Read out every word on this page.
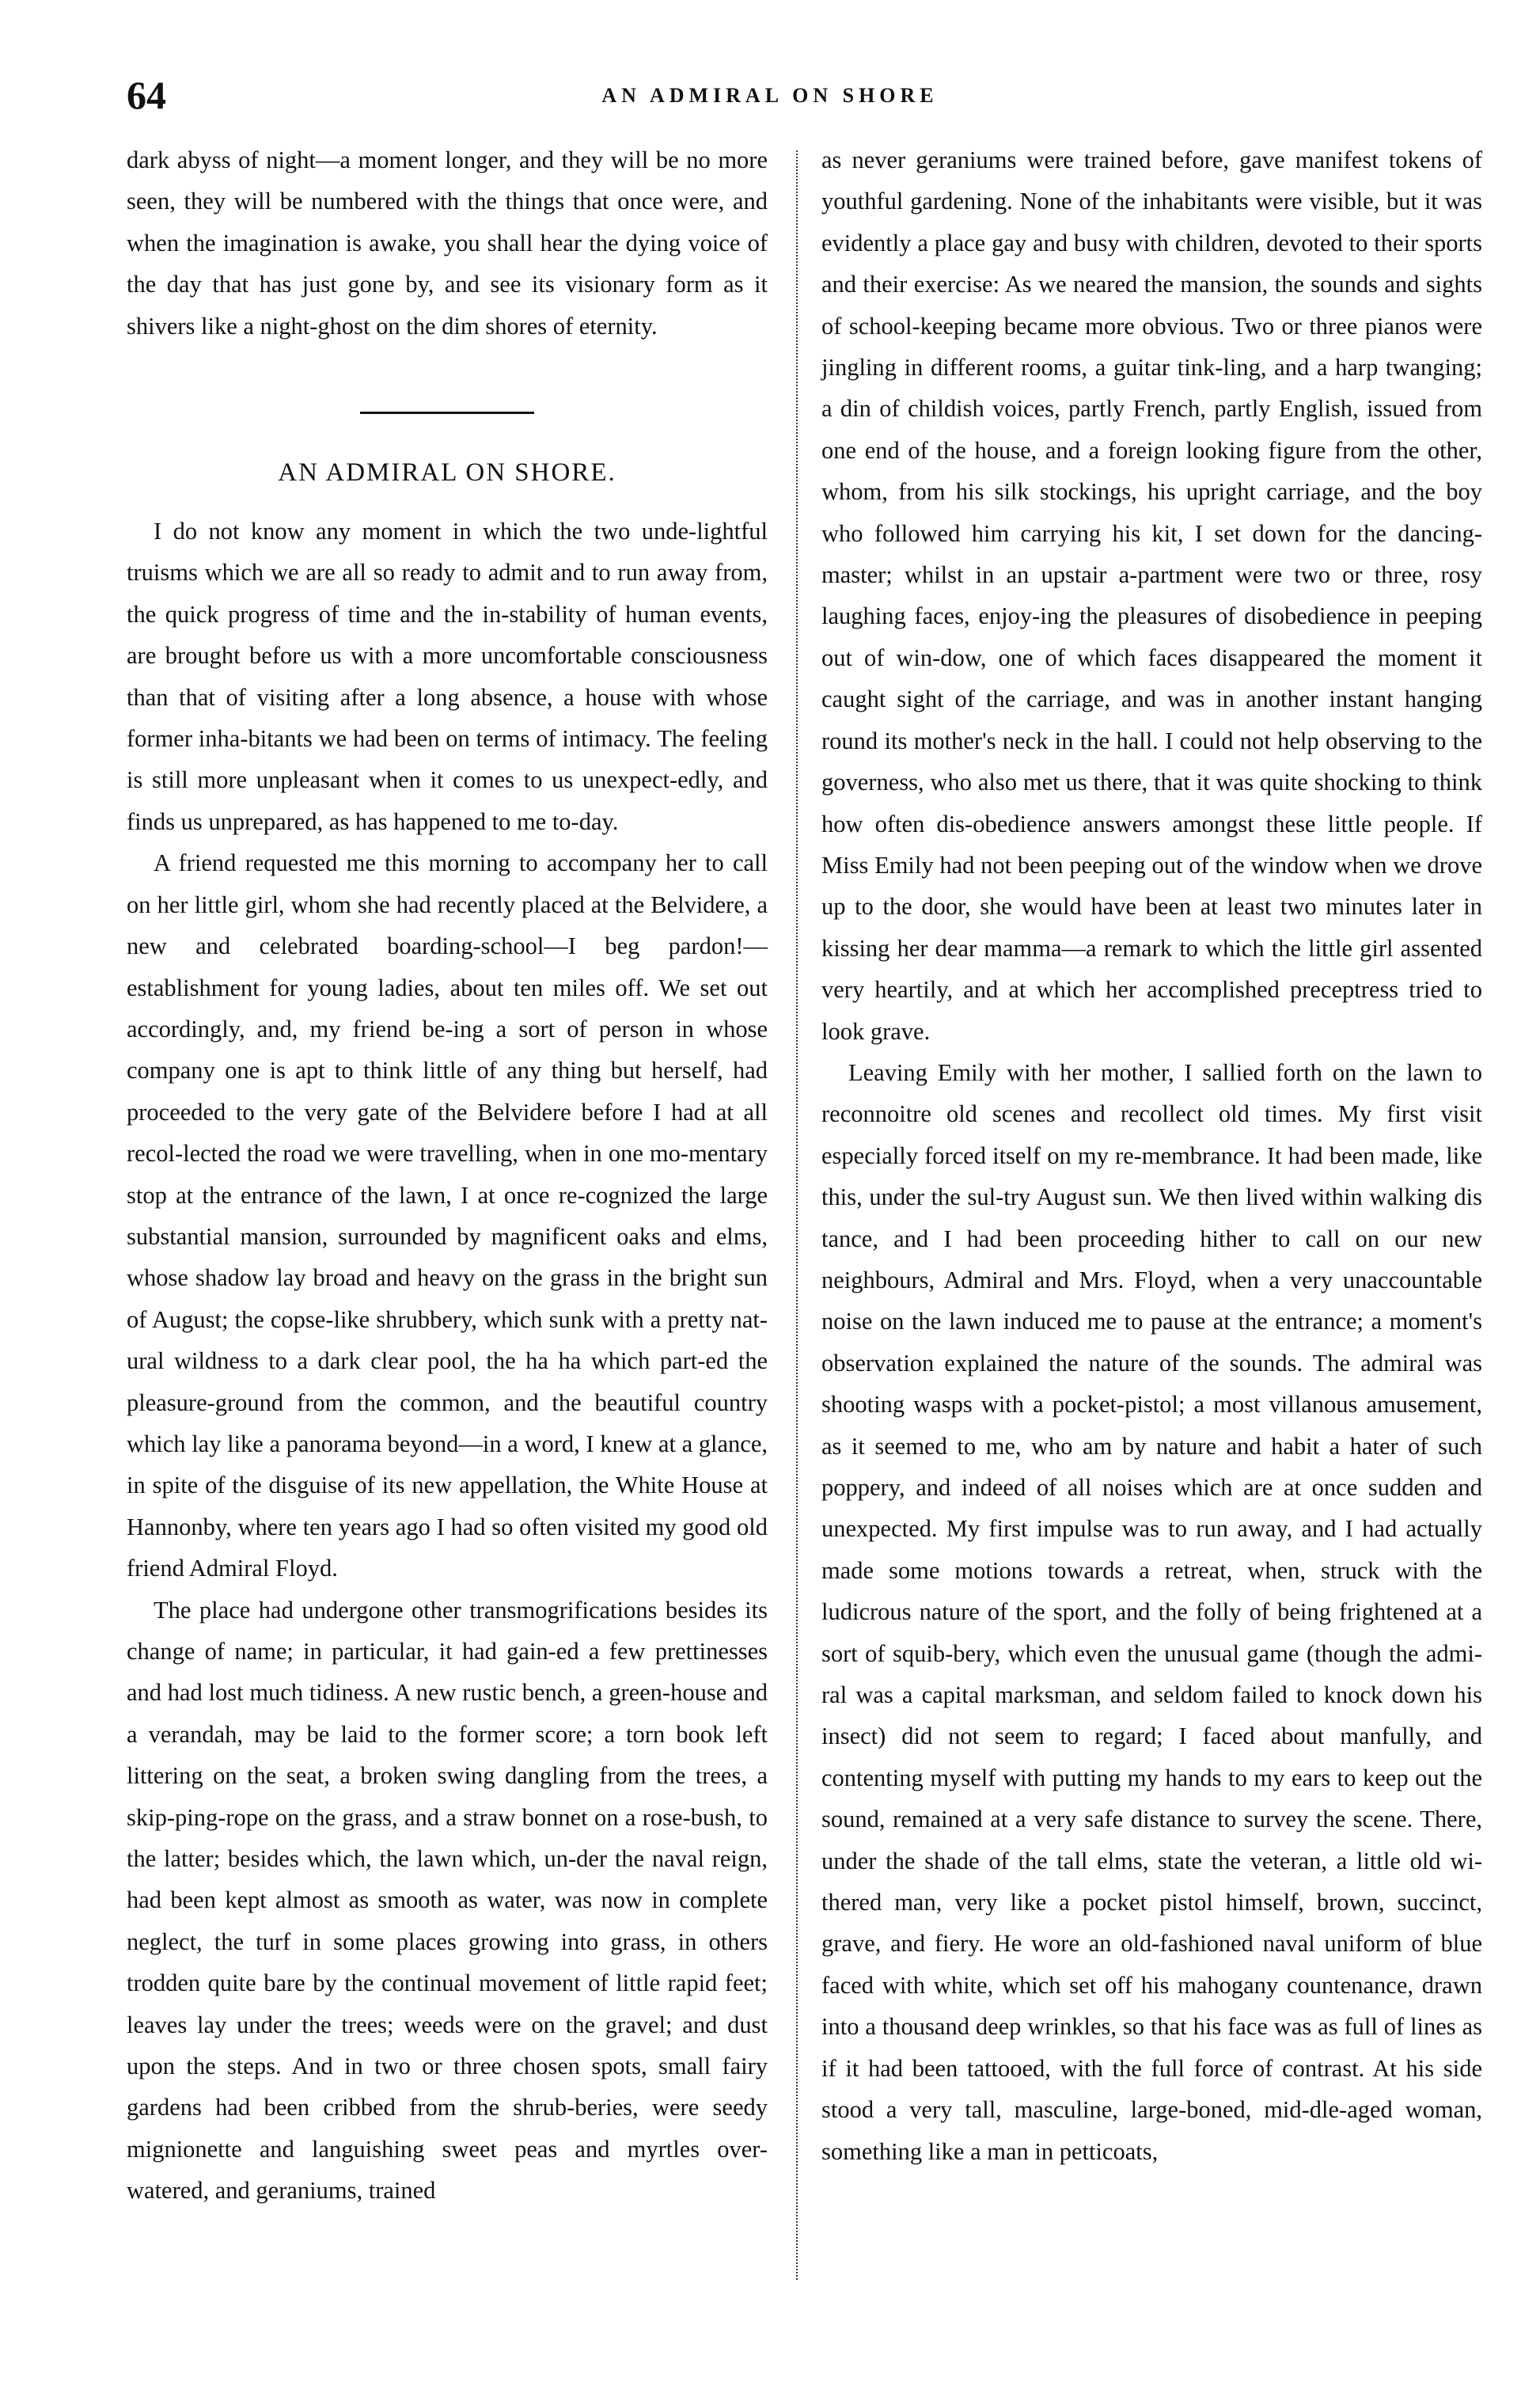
64	AN ADMIRAL ON SHORE

dark abyss of night—a moment longer, and they will be no more seen, they will be numbered with the things that once were, and when the imagination is awake, you shall hear the dying voice of the day that has just gone by, and see its visionary form as it shivers like a night-ghost on the dim shores of eternity.

AN ADMIRAL ON SHORE.

I do not know any moment in which the two unde-lightful truisms which we are all so ready to admit and to run away from, the quick progress of time and the in-stability of human events, are brought before us with a more uncomfortable consciousness than that of visiting after a long absence, a house with whose former inha-bitants we had been on terms of intimacy. The feeling is still more unpleasant when it comes to us unexpect-edly, and finds us unprepared, as has happened to me to-day.

A friend requested me this morning to accompany her to call on her little girl, whom she had recently placed at the Belvidere, a new and celebrated boarding-school—I beg pardon!—establishment for young ladies, about ten miles off. We set out accordingly, and, my friend be-ing a sort of person in whose company one is apt to think little of any thing but herself, had proceeded to the very gate of the Belvidere before I had at all recol-lected the road we were travelling, when in one mo-mentary stop at the entrance of the lawn, I at once re-cognized the large substantial mansion, surrounded by magnificent oaks and elms, whose shadow lay broad and heavy on the grass in the bright sun of August; the copse-like shrubbery, which sunk with a pretty nat-ural wildness to a dark clear pool, the ha ha which part-ed the pleasure-ground from the common, and the beautiful country which lay like a panorama beyond—in a word, I knew at a glance, in spite of the disguise of its new appellation, the White House at Hannonby, where ten years ago I had so often visited my good old friend Admiral Floyd.

The place had undergone other transmogrifications besides its change of name; in particular, it had gain-ed a few prettinesses and had lost much tidiness. A new rustic bench, a green-house and a verandah, may be laid to the former score; a torn book left littering on the seat, a broken swing dangling from the trees, a skip-ping-rope on the grass, and a straw bonnet on a rose-bush, to the latter; besides which, the lawn which, un-der the naval reign, had been kept almost as smooth as water, was now in complete neglect, the turf in some places growing into grass, in others trodden quite bare by the continual movement of little rapid feet; leaves lay under the trees; weeds were on the gravel; and dust upon the steps. And in two or three chosen spots, small fairy gardens had been cribbed from the shrub-beries, were seedy mignionette and languishing sweet peas and myrtles over-watered, and geraniums, trained

as never geraniums were trained before, gave manifest tokens of youthful gardening. None of the inhabitants were visible, but it was evidently a place gay and busy with children, devoted to their sports and their exercise: As we neared the mansion, the sounds and sights of school-keeping became more obvious. Two or three pianos were jingling in different rooms, a guitar tink-ling, and a harp twanging; a din of childish voices, partly French, partly English, issued from one end of the house, and a foreign looking figure from the other, whom, from his silk stockings, his upright carriage, and the boy who followed him carrying his kit, I set down for the dancing-master; whilst in an upstair a-partment were two or three, rosy laughing faces, enjoy-ing the pleasures of disobedience in peeping out of win-dow, one of which faces disappeared the moment it caught sight of the carriage, and was in another instant hanging round its mother's neck in the hall. I could not help observing to the governess, who also met us there, that it was quite shocking to think how often dis-obedience answers amongst these little people. If Miss Emily had not been peeping out of the window when we drove up to the door, she would have been at least two minutes later in kissing her dear mamma—a remark to which the little girl assented very heartily, and at which her accomplished preceptress tried to look grave.

Leaving Emily with her mother, I sallied forth on the lawn to reconnoitre old scenes and recollect old times. My first visit especially forced itself on my re-membrance. It had been made, like this, under the sul-try August sun. We then lived within walking dis tance, and I had been proceeding hither to call on our new neighbours, Admiral and Mrs. Floyd, when a very unaccountable noise on the lawn induced me to pause at the entrance; a moment's observation explained the nature of the sounds. The admiral was shooting wasps with a pocket-pistol; a most villanous amusement, as it seemed to me, who am by nature and habit a hater of such poppery, and indeed of all noises which are at once sudden and unexpected. My first impulse was to run away, and I had actually made some motions towards a retreat, when, struck with the ludicrous nature of the sport, and the folly of being frightened at a sort of squib-bery, which even the unusual game (though the admi-ral was a capital marksman, and seldom failed to knock down his insect) did not seem to regard; I faced about manfully, and contenting myself with putting my hands to my ears to keep out the sound, remained at a very safe distance to survey the scene. There, under the shade of the tall elms, state the veteran, a little old wi-thered man, very like a pocket pistol himself, brown, succinct, grave, and fiery. He wore an old-fashioned naval uniform of blue faced with white, which set off his mahogany countenance, drawn into a thousand deep wrinkles, so that his face was as full of lines as if it had been tattooed, with the full force of contrast. At his side stood a very tall, masculine, large-boned, mid-dle-aged woman, something like a man in petticoats,
